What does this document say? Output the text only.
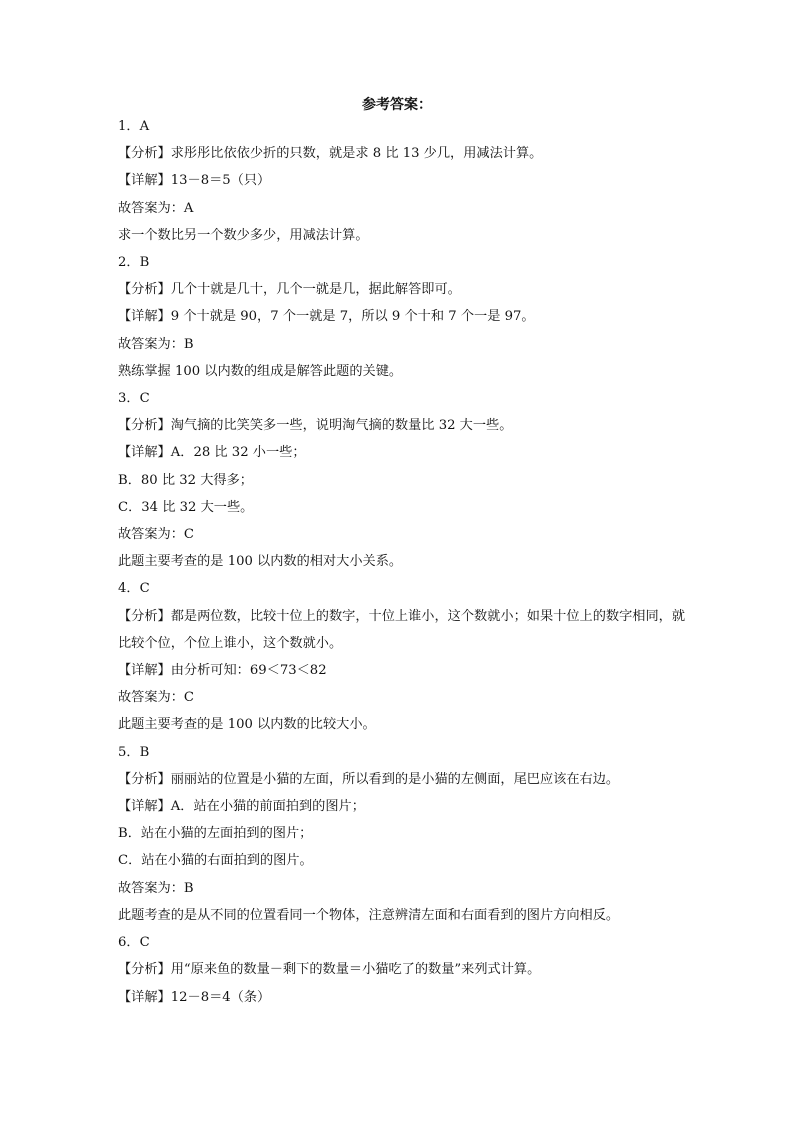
参考答案：
1．A
【分析】求彤彤比依依少折的只数，就是求 8 比 13 少几，用减法计算。
【详解】13－8＝5（只）
故答案为：A
求一个数比另一个数少多少，用减法计算。
2．B
【分析】几个十就是几十，几个一就是几，据此解答即可。
【详解】9 个十就是 90，7 个一就是 7，所以 9 个十和 7 个一是 97。
故答案为：B
熟练掌握 100 以内数的组成是解答此题的关键。
3．C
【分析】淘气摘的比笑笑多一些，说明淘气摘的数量比 32 大一些。
【详解】A．28 比 32 小一些；
B．80 比 32 大得多；
C．34 比 32 大一些。
故答案为：C
此题主要考查的是 100 以内数的相对大小关系。
4．C
【分析】都是两位数，比较十位上的数字，十位上谁小，这个数就小；如果十位上的数字相同，就比较个位，个位上谁小，这个数就小。
【详解】由分析可知：69＜73＜82
故答案为：C
此题主要考查的是 100 以内数的比较大小。
5．B
【分析】丽丽站的位置是小猫的左面，所以看到的是小猫的左侧面，尾巴应该在右边。
【详解】A．站在小猫的前面拍到的图片；
B．站在小猫的左面拍到的图片；
C．站在小猫的右面拍到的图片。
故答案为：B
此题考查的是从不同的位置看同一个物体，注意辨清左面和右面看到的图片方向相反。
6．C
【分析】用“原来鱼的数量－剩下的数量＝小猫吃了的数量”来列式计算。
【详解】12－8＝4（条）
